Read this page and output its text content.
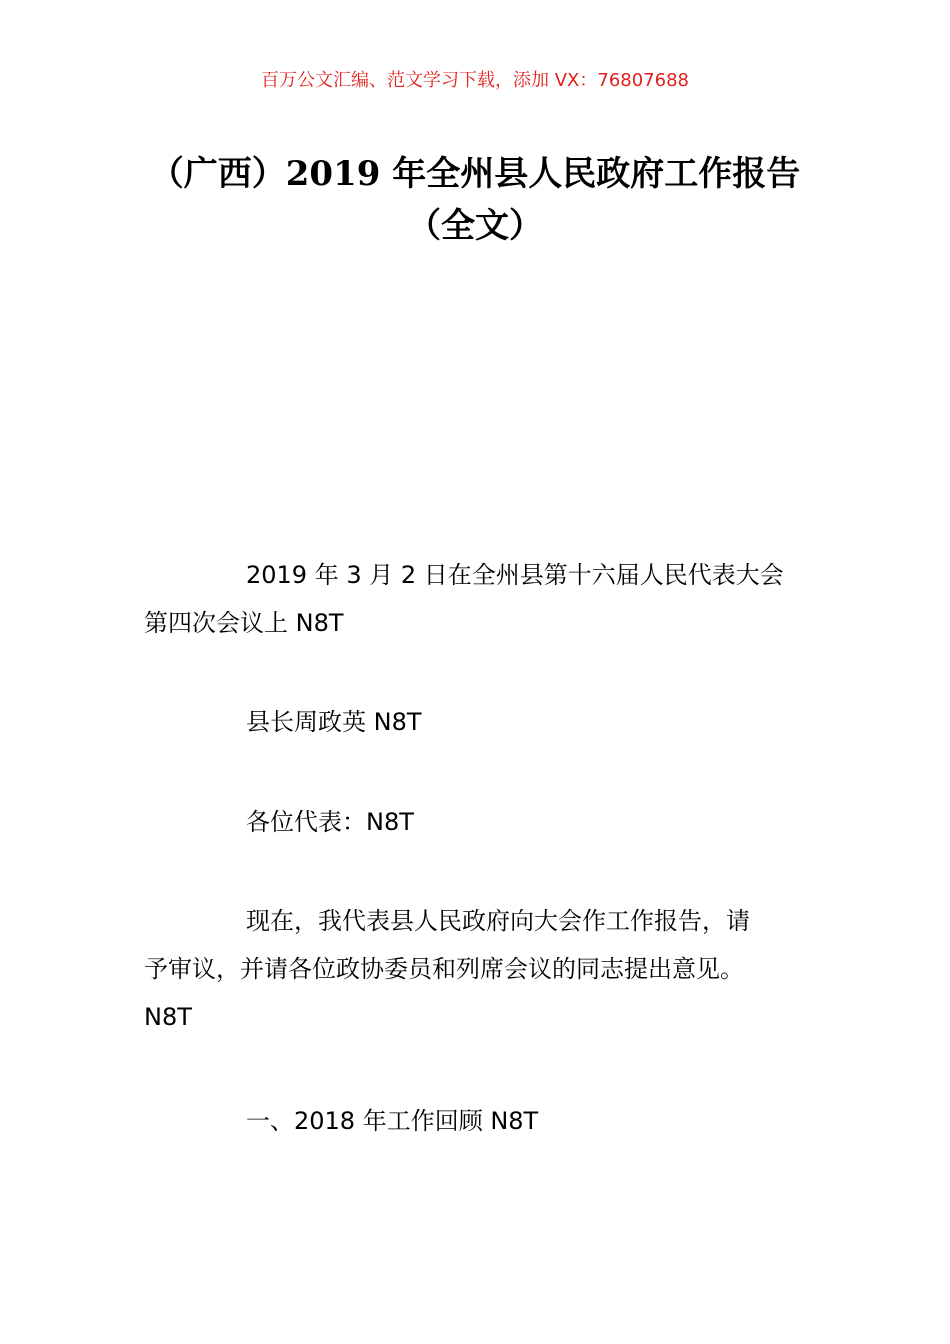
百万公文汇编、范文学习下载，添加 VX：76807688
（广西）2019 年全州县人民政府工作报告
（全文）
2019 年 3 月 2 日在全州县第十六届人民代表大会
第四次会议上 N8T
县长周政英 N8T
各位代表：N8T
现在，我代表县人民政府向大会作工作报告，请
予审议，并请各位政协委员和列席会议的同志提出意见。
N8T
一、2018 年工作回顾 N8T
